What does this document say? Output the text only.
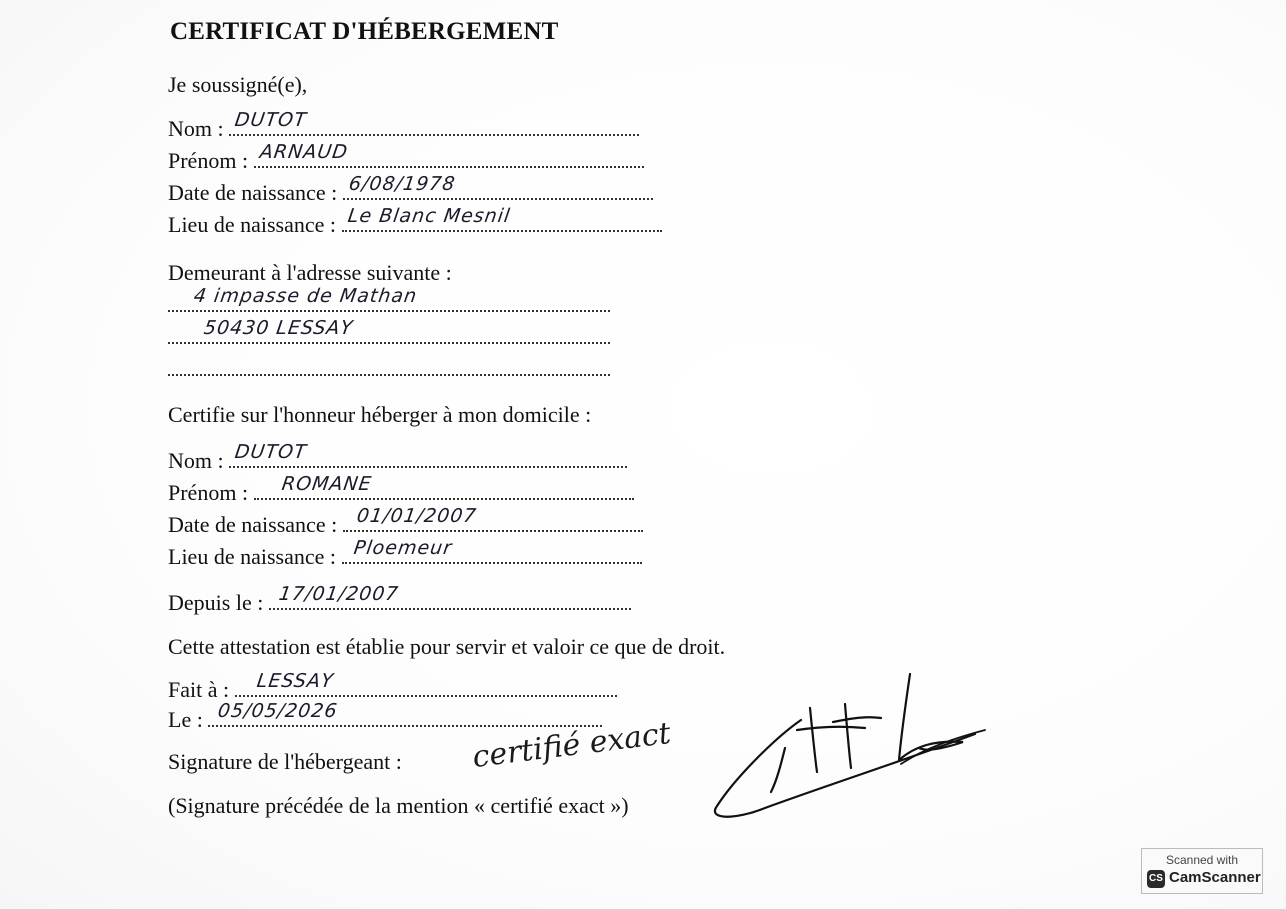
CERTIFICAT D'HÉBERGEMENT
Je soussigné(e),
Nom : DUTOT
Prénom : ARNAUD
Date de naissance : 6/08/1978
Lieu de naissance : Le Blanc Mesnil
Demeurant à l'adresse suivante :
4 impasse de Mathan
50430 LESSAY
Certifie sur l'honneur héberger à mon domicile :
Nom : DUTOT
Prénom : ROMANE
Date de naissance : 01/01/2007
Lieu de naissance : Ploemeur
Depuis le : 17/01/2007
Cette attestation est établie pour servir et valoir ce que de droit.
Fait à : LESSAY
Le : 05/05/2026
Signature de l'hébergeant :
(Signature précédée de la mention « certifié exact »)
certifié exact
Scanned with
CS CamScanner
